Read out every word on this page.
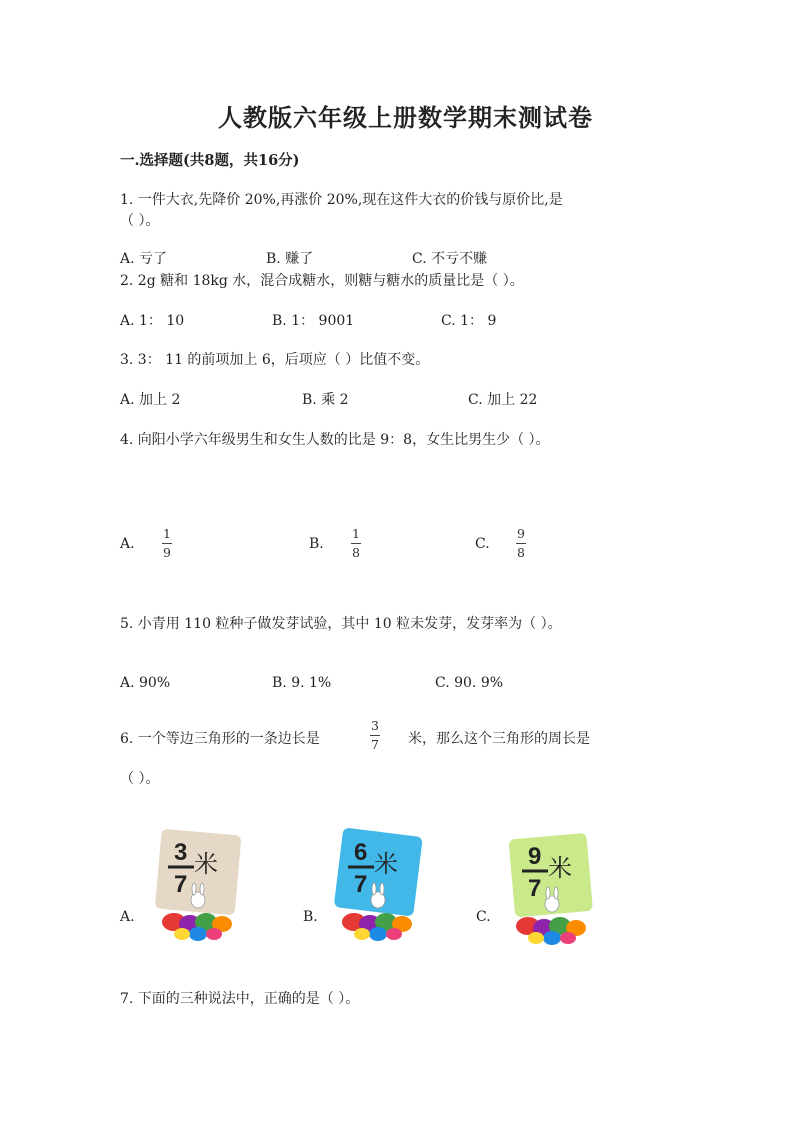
人教版六年级上册数学期末测试卷
一.选择题(共8题，共16分)
1. 一件大衣,先降价 20%,再涨价 20%,现在这件大衣的价钱与原价比,是
（ ）。
A. 亏了	B. 赚了	C. 不亏不赚
2. 2g 糖和 18kg 水，混合成糖水，则糖与糖水的质量比是（ ）。
A. 1： 10	B. 1： 9001	C. 1： 9
3. 3： 11 的前项加上 6，后项应（ ）比值不变。
A. 加上 2	B. 乘 2	C. 加上 22
4. 向阳小学六年级男生和女生人数的比是 9：8，女生比男生少（ ）。
A.
1
9
B.
1
8
C.
9
8
5. 小青用 110 粒种子做发芽试验，其中 10 粒未发芽，发芽率为（ ）。
A. 90%	B. 9. 1%	C. 90. 9%
6. 一个等边三角形的一条边长是
3
7 米，那么这个三角形的周长是
（ ）。
A.	B.	C.
3
7
米	6
7
米	9
7
米
7. 下面的三种说法中，正确的是（ ）。
